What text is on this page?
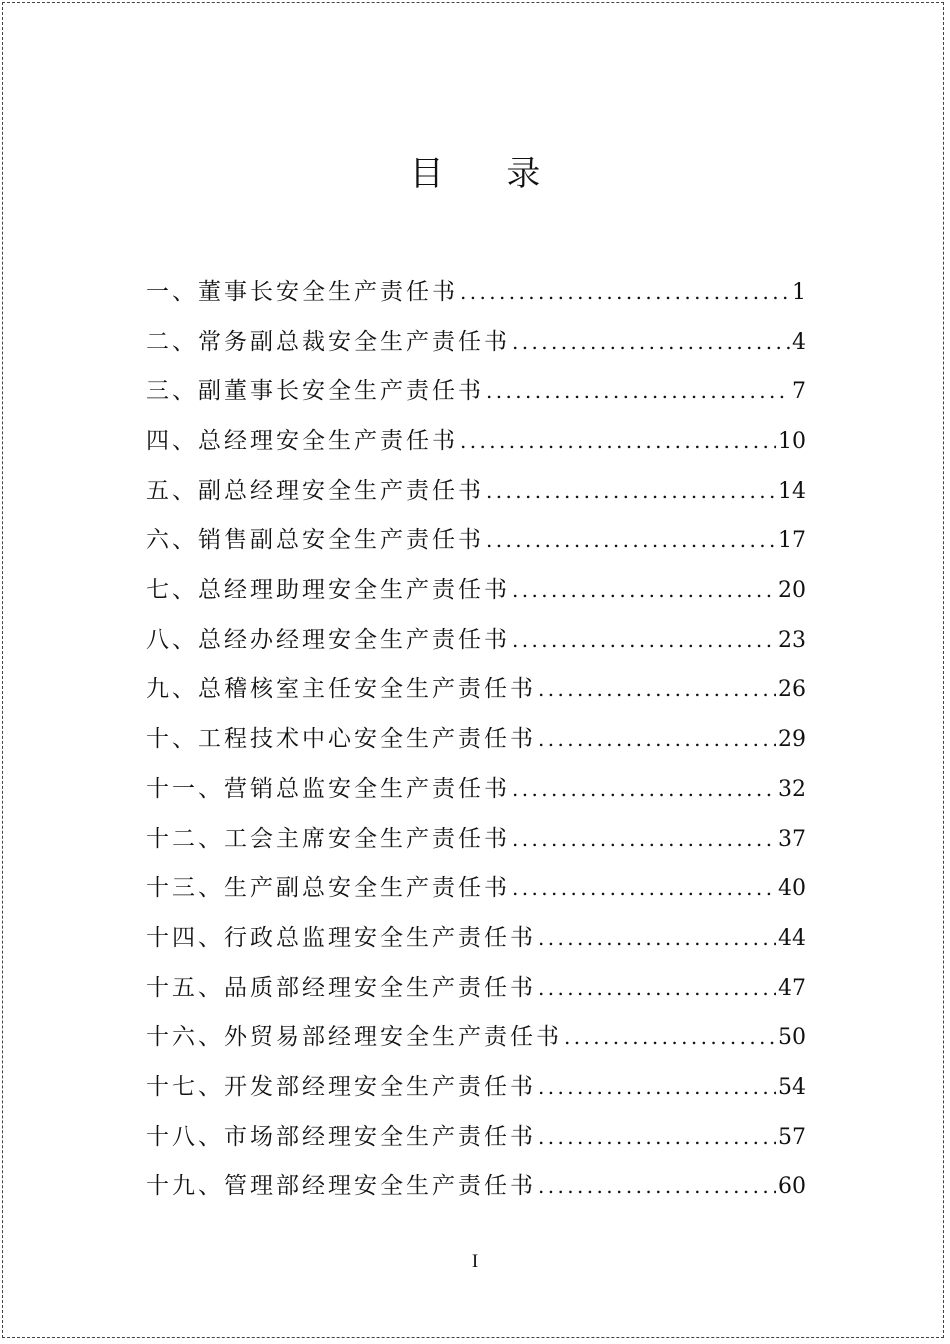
目 录
一、董事长安全生产责任书 .....	1
二、常务副总裁安全生产责任书 .....	4
三、副董事长安全生产责任书 .....	7
四、总经理安全生产责任书 .....	10
五、副总经理安全生产责任书 .....	14
六、销售副总安全生产责任书 .....	17
七、总经理助理安全生产责任书 .....	20
八、总经办经理安全生产责任书 .....	23
九、总稽核室主任安全生产责任书 .....	26
十、工程技术中心安全生产责任书 .....	29
十一、营销总监安全生产责任书 .....	32
十二、工会主席安全生产责任书 .....	37
十三、生产副总安全生产责任书 .....	40
十四、行政总监理安全生产责任书 .....	44
十五、品质部经理安全生产责任书 .....	47
十六、外贸易部经理安全生产责任书 .....	50
十七、开发部经理安全生产责任书 .....	54
十八、市场部经理安全生产责任书 .....	57
十九、管理部经理安全生产责任书 .....	60
I
